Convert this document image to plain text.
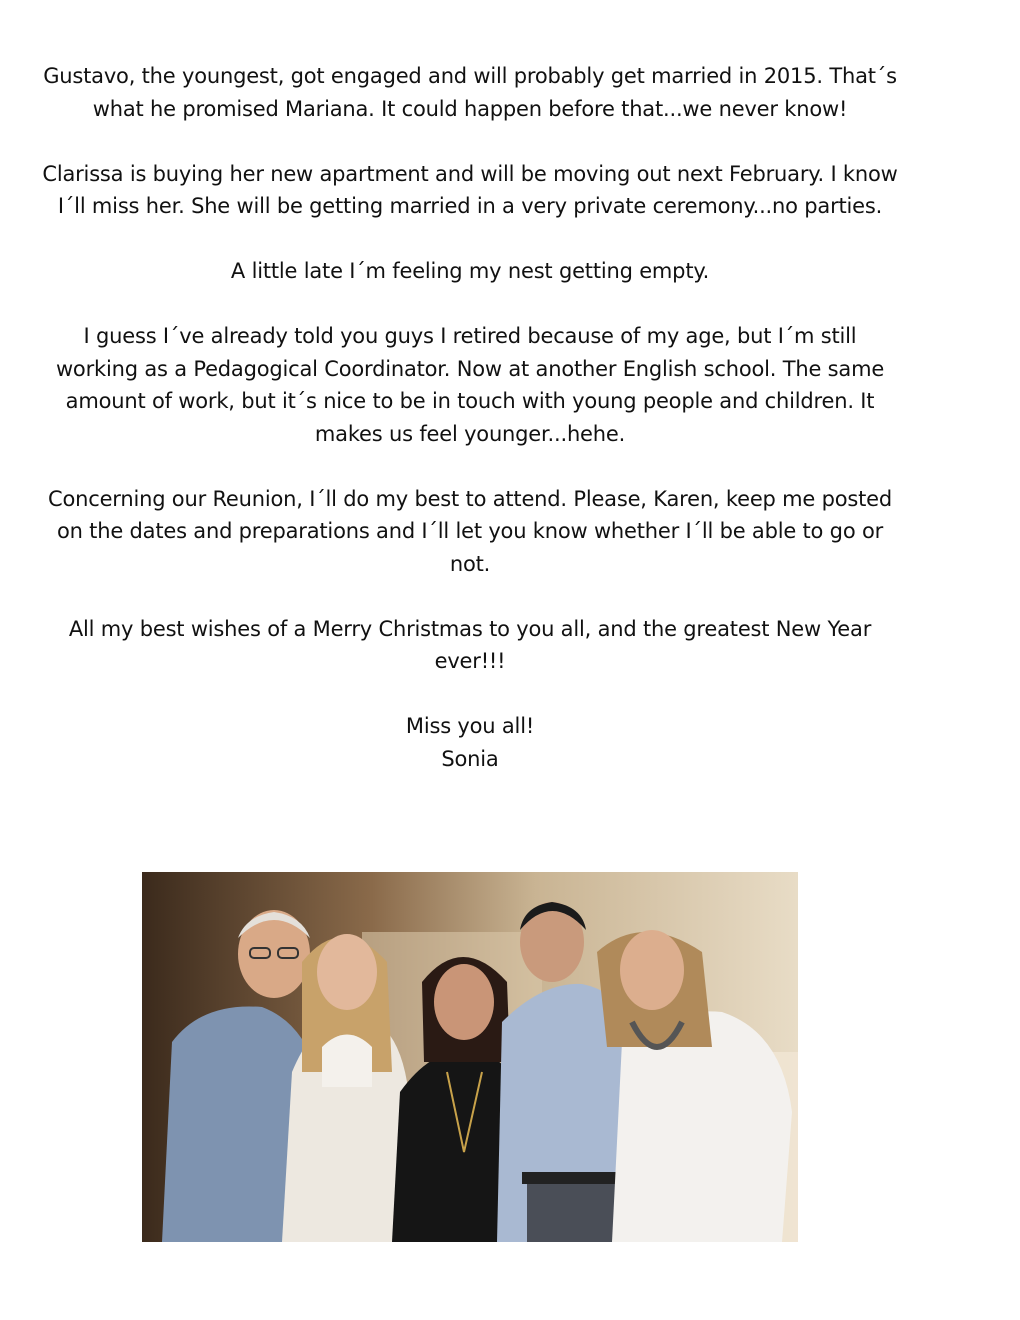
Gustavo, the youngest, got engaged and will probably get married in 2015. That´s what he promised Mariana. It could happen before that...we never know!

Clarissa is buying her new apartment and will be moving out next February. I know I´ll miss her. She will be getting married in a very private ceremony...no parties.

A little late I´m feeling my nest getting empty.

I guess I´ve already told you guys I retired because of my age, but I´m still working as a Pedagogical Coordinator. Now at another English school. The same amount of work, but it´s nice to be in touch with young people and children. It makes us feel younger...hehe.

Concerning our Reunion, I´ll do my best to attend. Please, Karen, keep me posted on the dates and preparations and I´ll let you know whether I´ll be able to go or not.

All my best wishes of a Merry Christmas to you all, and the greatest New Year ever!!!

Miss you all!

Sonia
